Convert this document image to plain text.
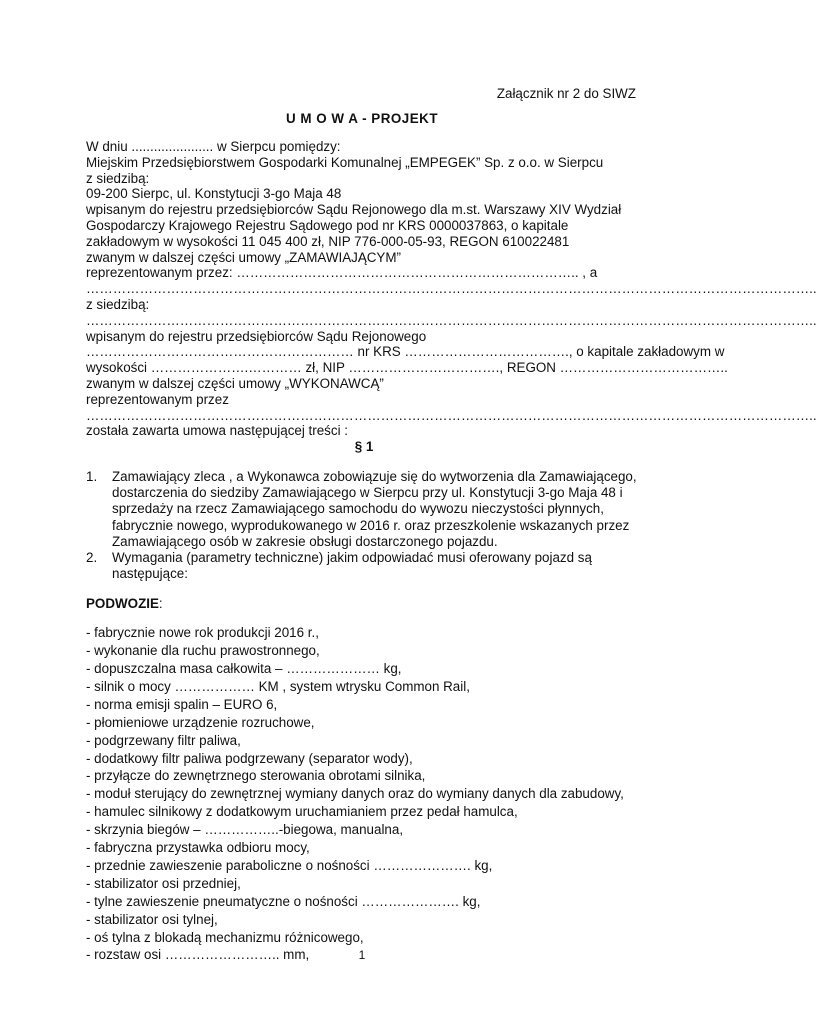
Załącznik nr 2 do SIWZ
U M O W A - PROJEKT
W dniu ...................... w Sierpcu pomiędzy:
Miejskim Przedsiębiorstwem Gospodarki Komunalnej „EMPEGEK” Sp. z o.o. w Sierpcu
z siedzibą:
09-200 Sierpc, ul. Konstytucji 3-go Maja 48
wpisanym do rejestru przedsiębiorców Sądu Rejonowego dla m.st. Warszawy XIV Wydział
Gospodarczy Krajowego Rejestru Sądowego pod nr KRS 0000037863, o kapitale
zakładowym w wysokości 11 045 400 zł, NIP 776-000-05-93, REGON 610022481
zwanym w dalszej części umowy „ZAMAWIAJĄCYM”
reprezentowanym przez: ………………………………………………………………….. , a
………………………………………………………………………………………………………………………………………………..
z siedzibą:
………………………………………………………………………………………………………………………………………………..
wpisanym do rejestru przedsiębiorców Sądu Rejonowego
…………………………………………………… nr KRS ………………………………., o kapitale zakładowym w
wysokości ………………….………… zł, NIP ……………………………., REGON ………………………………..
zwanym w dalszej części umowy „WYKONAWCĄ”
reprezentowanym przez
………………………………………………………………………………………………………………………………………………..
została zawarta umowa następującej treści :
§ 1
1. Zamawiający zleca , a Wykonawca zobowiązuje się do wytworzenia dla Zamawiającego, dostarczenia do siedziby Zamawiającego w Sierpcu przy ul. Konstytucji 3-go Maja 48 i sprzedaży na rzecz Zamawiającego samochodu do wywozu nieczystości płynnych, fabrycznie nowego, wyprodukowanego w 2016 r. oraz przeszkolenie wskazanych przez Zamawiającego osób w zakresie obsługi dostarczonego pojazdu.
2. Wymagania (parametry techniczne) jakim odpowiadać musi oferowany pojazd są następujące:
PODWOZIE:
- fabrycznie nowe rok produkcji 2016 r.,
- wykonanie dla ruchu prawostronnego,
- dopuszczalna masa całkowita – ………………… kg,
- silnik o mocy ……………… KM , system wtrysku Common Rail,
- norma emisji spalin – EURO 6,
- płomieniowe urządzenie rozruchowe,
- podgrzewany filtr paliwa,
- dodatkowy filtr paliwa podgrzewany (separator wody),
- przyłącze do zewnętrznego sterowania obrotami silnika,
- moduł sterujący do zewnętrznej wymiany danych oraz do wymiany danych dla zabudowy,
- hamulec silnikowy z dodatkowym uruchamianiem przez pedał hamulca,
- skrzynia biegów – ……………..-biegowa, manualna,
- fabryczna przystawka odbioru mocy,
- przednie zawieszenie paraboliczne o nośności …………………. kg,
- stabilizator osi przedniej,
- tylne zawieszenie pneumatyczne o nośności …………………. kg,
- stabilizator osi tylnej,
- oś tylna z blokadą mechanizmu różnicowego,
- rozstaw osi …………………….. mm,	1
